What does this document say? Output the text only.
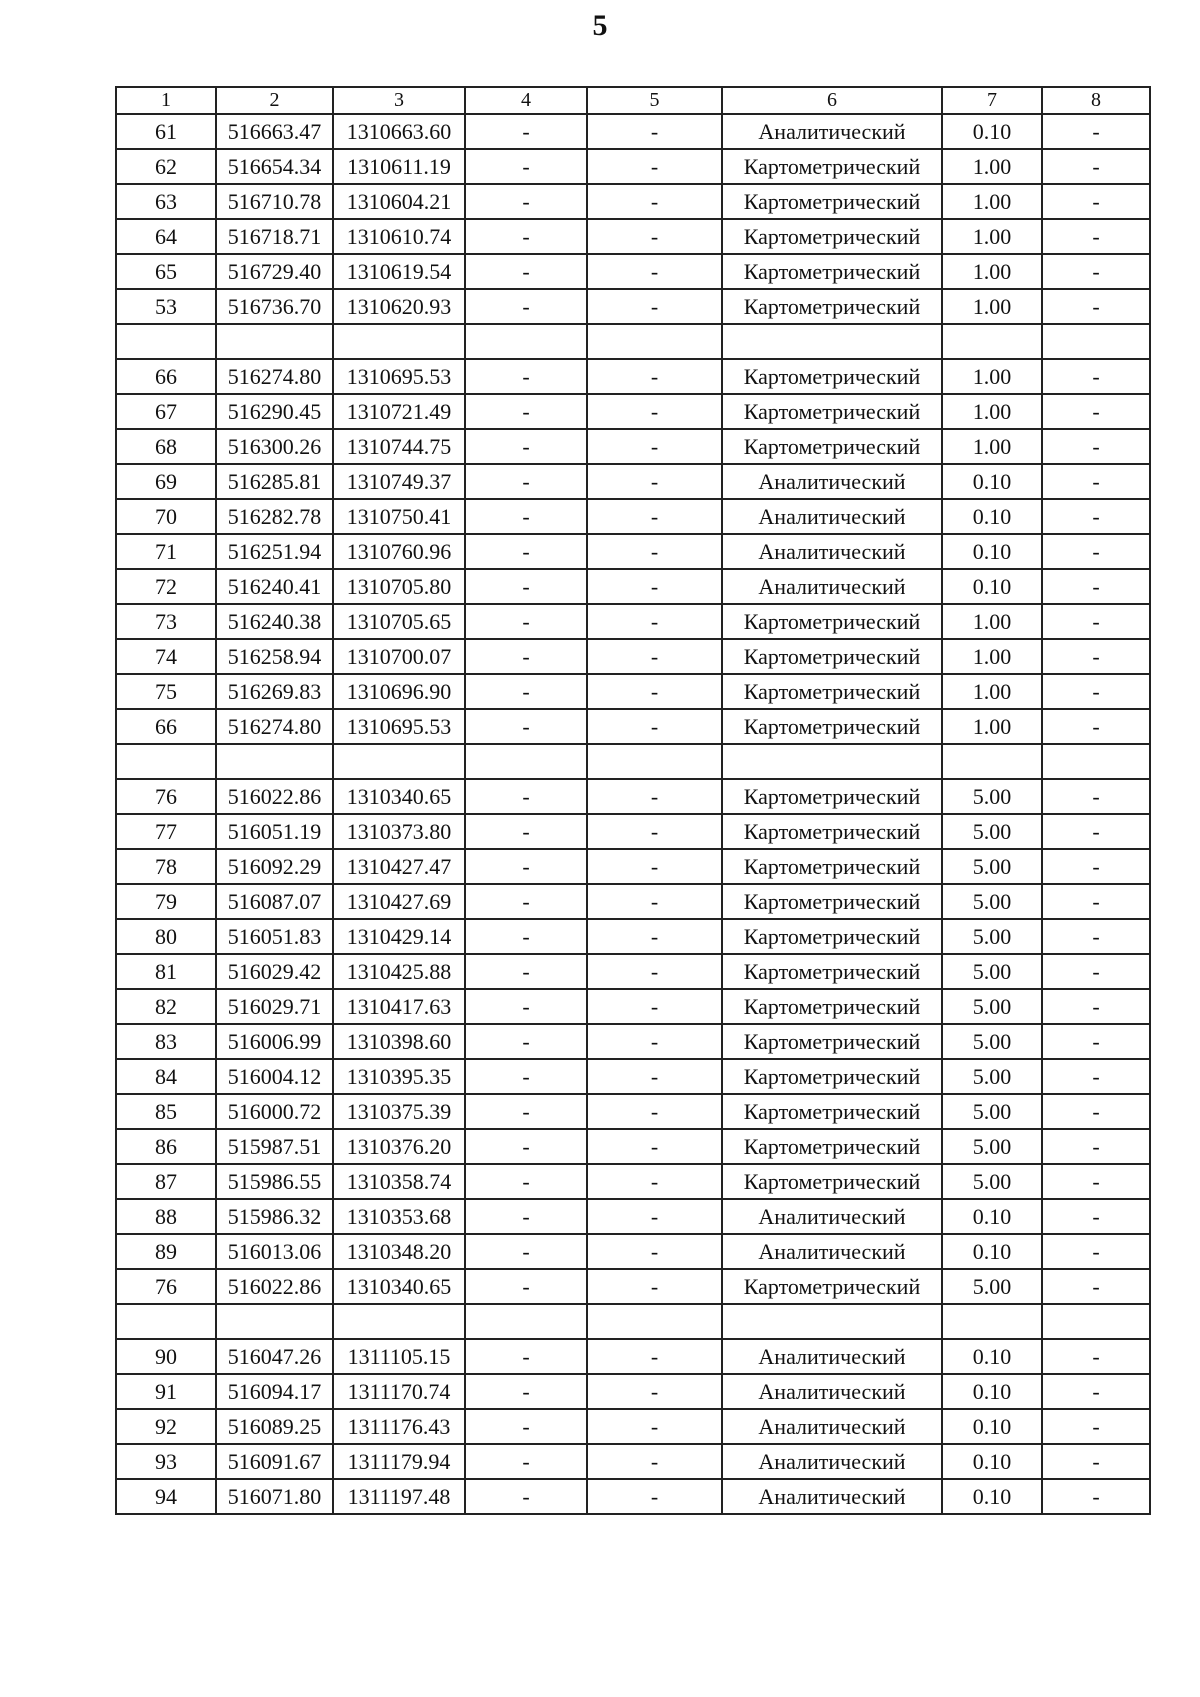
5
1	2	3	4	5	6	7	8
61	516663.47	1310663.60	-	-	Аналитический	0.10	-
62	516654.34	1310611.19	-	-	Картометрический	1.00	-
63	516710.78	1310604.21	-	-	Картометрический	1.00	-
64	516718.71	1310610.74	-	-	Картометрический	1.00	-
65	516729.40	1310619.54	-	-	Картометрический	1.00	-
53	516736.70	1310620.93	-	-	Картометрический	1.00	-

66	516274.80	1310695.53	-	-	Картометрический	1.00	-
67	516290.45	1310721.49	-	-	Картометрический	1.00	-
68	516300.26	1310744.75	-	-	Картометрический	1.00	-
69	516285.81	1310749.37	-	-	Аналитический	0.10	-
70	516282.78	1310750.41	-	-	Аналитический	0.10	-
71	516251.94	1310760.96	-	-	Аналитический	0.10	-
72	516240.41	1310705.80	-	-	Аналитический	0.10	-
73	516240.38	1310705.65	-	-	Картометрический	1.00	-
74	516258.94	1310700.07	-	-	Картометрический	1.00	-
75	516269.83	1310696.90	-	-	Картометрический	1.00	-
66	516274.80	1310695.53	-	-	Картометрический	1.00	-

76	516022.86	1310340.65	-	-	Картометрический	5.00	-
77	516051.19	1310373.80	-	-	Картометрический	5.00	-
78	516092.29	1310427.47	-	-	Картометрический	5.00	-
79	516087.07	1310427.69	-	-	Картометрический	5.00	-
80	516051.83	1310429.14	-	-	Картометрический	5.00	-
81	516029.42	1310425.88	-	-	Картометрический	5.00	-
82	516029.71	1310417.63	-	-	Картометрический	5.00	-
83	516006.99	1310398.60	-	-	Картометрический	5.00	-
84	516004.12	1310395.35	-	-	Картометрический	5.00	-
85	516000.72	1310375.39	-	-	Картометрический	5.00	-
86	515987.51	1310376.20	-	-	Картометрический	5.00	-
87	515986.55	1310358.74	-	-	Картометрический	5.00	-
88	515986.32	1310353.68	-	-	Аналитический	0.10	-
89	516013.06	1310348.20	-	-	Аналитический	0.10	-
76	516022.86	1310340.65	-	-	Картометрический	5.00	-

90	516047.26	1311105.15	-	-	Аналитический	0.10	-
91	516094.17	1311170.74	-	-	Аналитический	0.10	-
92	516089.25	1311176.43	-	-	Аналитический	0.10	-
93	516091.67	1311179.94	-	-	Аналитический	0.10	-
94	516071.80	1311197.48	-	-	Аналитический	0.10	-
